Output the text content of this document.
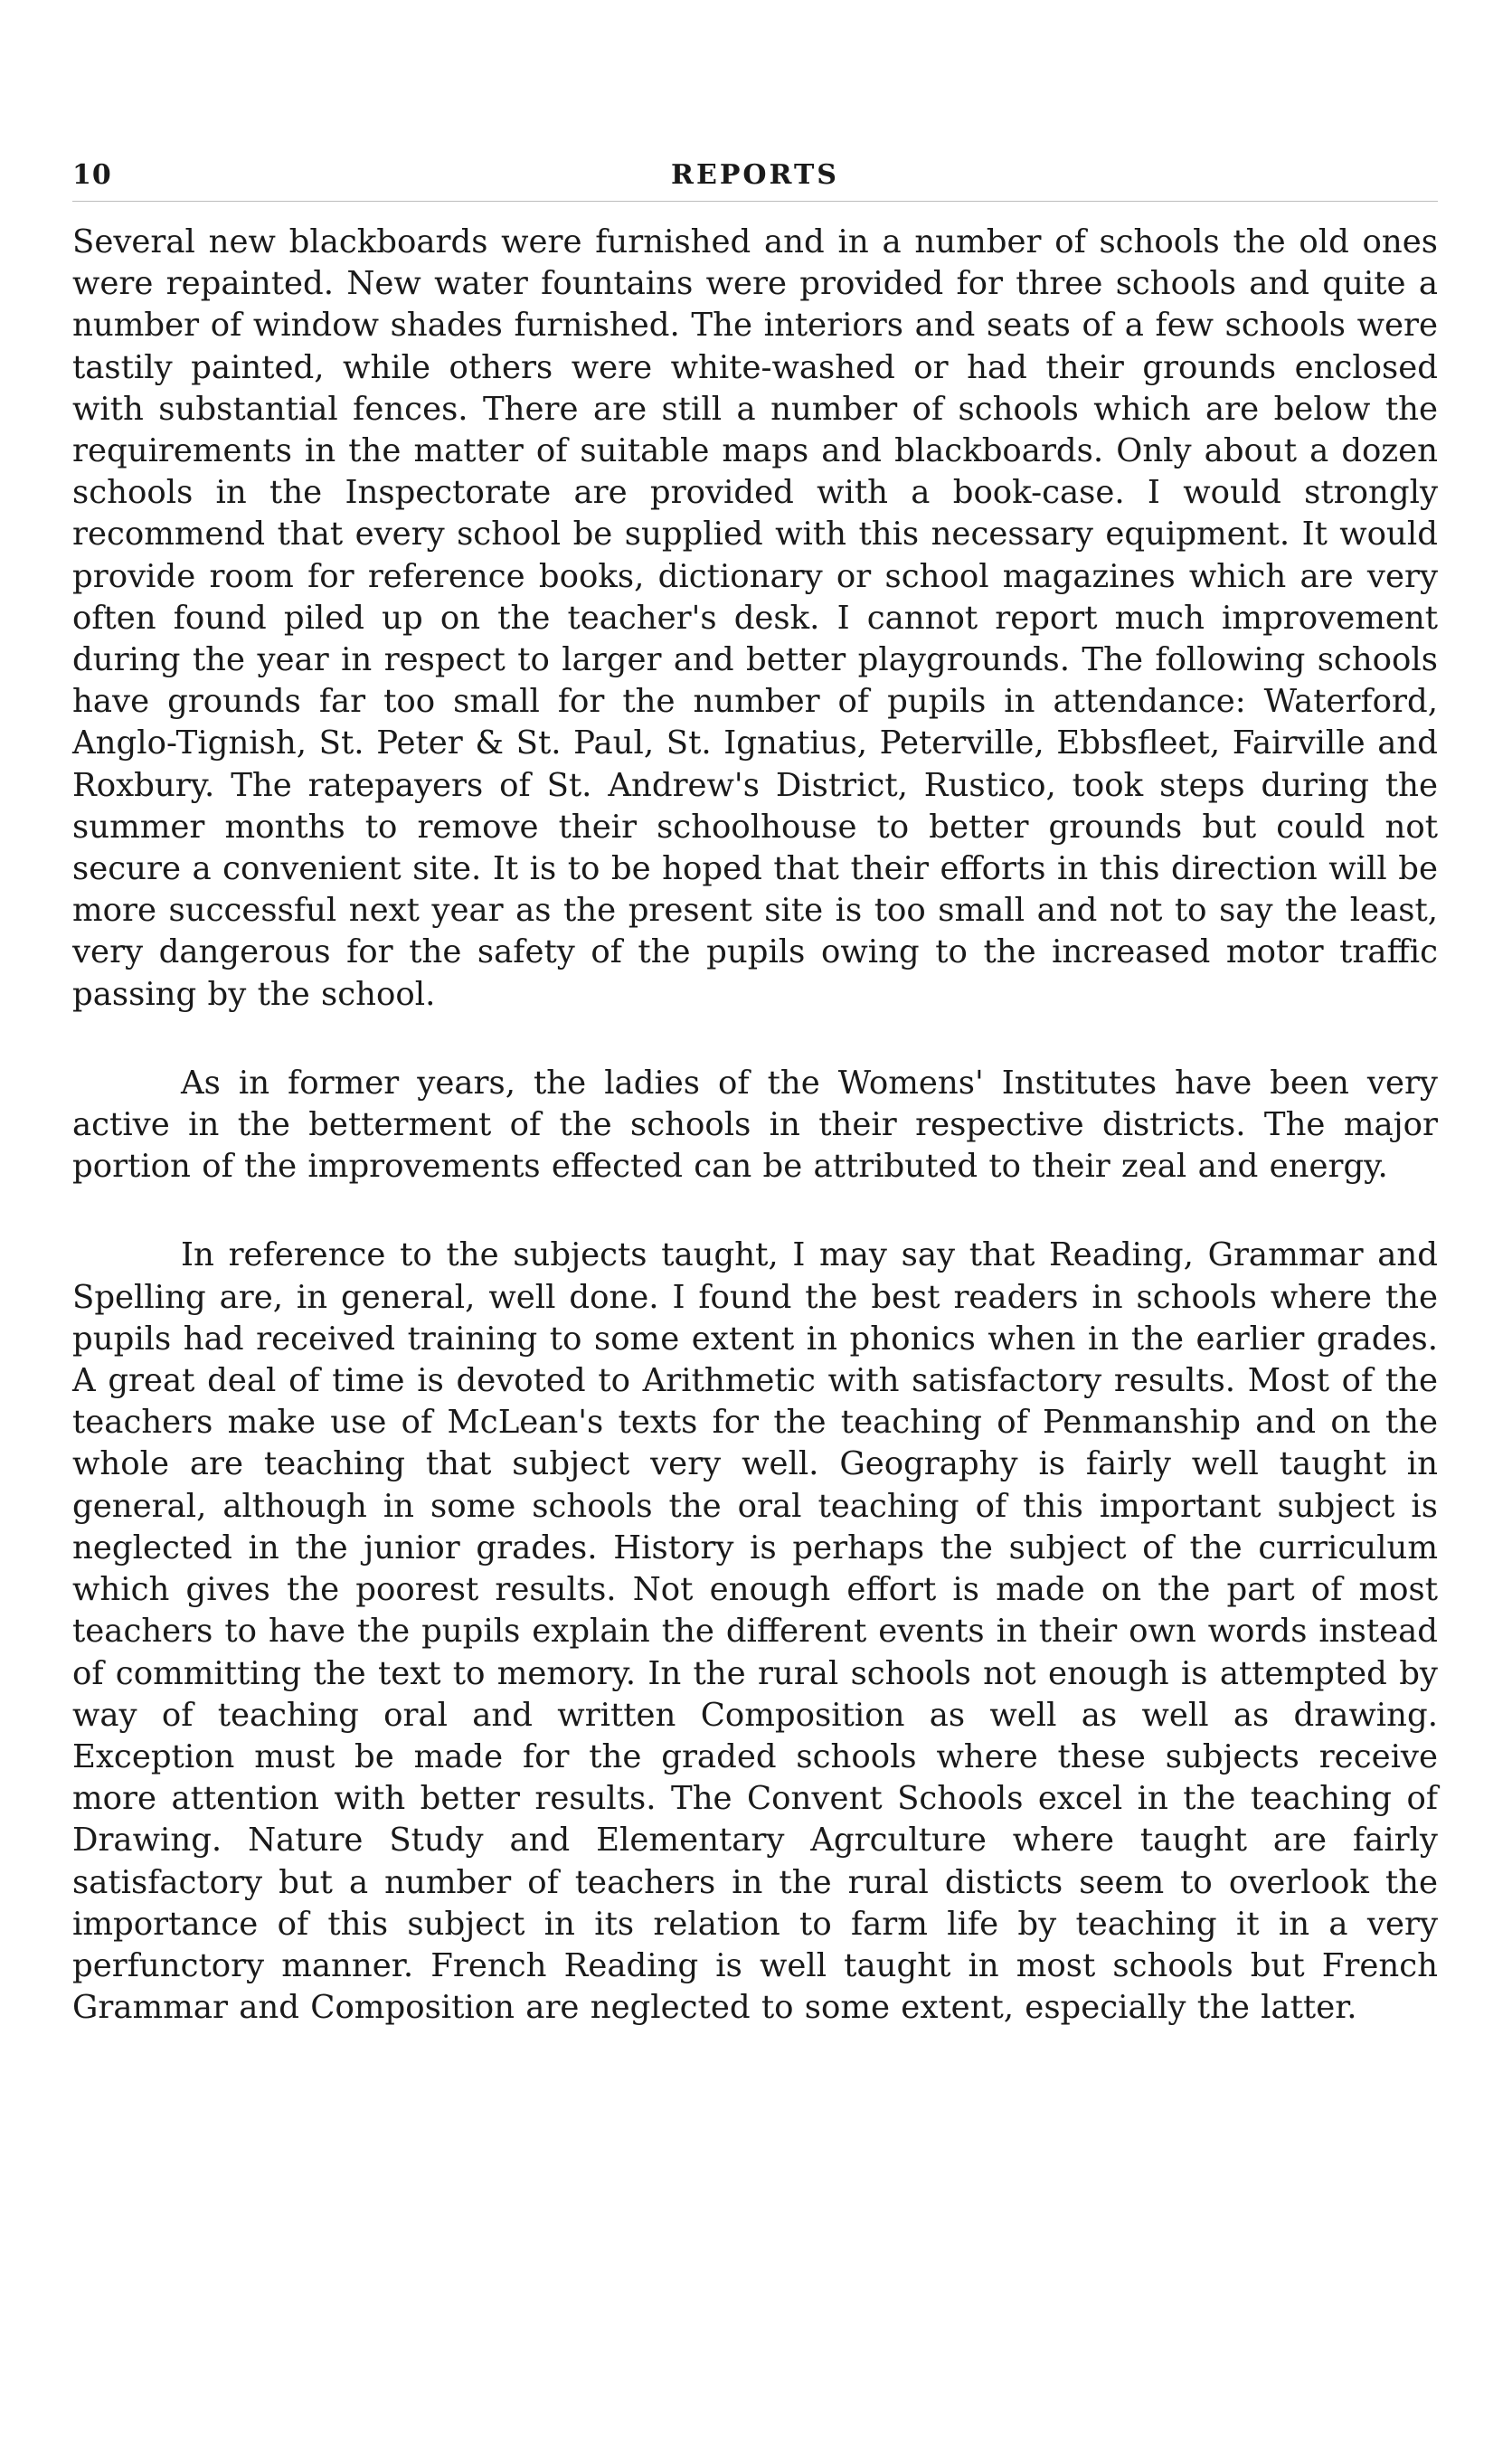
10	REPORTS

Several new blackboards were furnished and in a number of schools the old ones were repainted. New water fountains were provided for three schools and quite a number of window shades furnished. The interiors and seats of a few schools were tastily painted, while others were white-washed or had their grounds enclosed with substantial fences. There are still a number of schools which are below the requirements in the matter of suitable maps and blackboards. Only about a dozen schools in the Inspectorate are provided with a book-case. I would strongly recommend that every school be supplied with this necessary equipment. It would provide room for reference books, dictionary or school magazines which are very often found piled up on the teacher's desk. I cannot report much improvement during the year in respect to larger and better playgrounds. The following schools have grounds far too small for the number of pupils in attendance: Waterford, Anglo-Tignish, St. Peter & St. Paul, St. Ignatius, Peterville, Ebbsfleet, Fairville and Roxbury. The ratepayers of St. Andrew's District, Rustico, took steps during the summer months to remove their schoolhouse to better grounds but could not secure a convenient site. It is to be hoped that their efforts in this direction will be more successful next year as the present site is too small and not to say the least, very dangerous for the safety of the pupils owing to the increased motor traffic passing by the school.

As in former years, the ladies of the Womens' Institutes have been very active in the betterment of the schools in their respective districts. The major portion of the improvements effected can be attributed to their zeal and energy.

In reference to the subjects taught, I may say that Reading, Grammar and Spelling are, in general, well done. I found the best readers in schools where the pupils had received training to some extent in phonics when in the earlier grades. A great deal of time is devoted to Arithmetic with satisfactory results. Most of the teachers make use of McLean's texts for the teaching of Penmanship and on the whole are teaching that subject very well. Geography is fairly well taught in general, although in some schools the oral teaching of this important subject is neglected in the junior grades. History is perhaps the subject of the curriculum which gives the poorest results. Not enough effort is made on the part of most teachers to have the pupils explain the different events in their own words instead of committing the text to memory. In the rural schools not enough is attempted by way of teaching oral and written Composition as well as well as drawing. Exception must be made for the graded schools where these subjects receive more attention with better results. The Convent Schools excel in the teaching of Drawing. Nature Study and Elementary Agrculture where taught are fairly satisfactory but a number of teachers in the rural disticts seem to overlook the importance of this subject in its relation to farm life by teaching it in a very perfunctory manner. French Reading is well taught in most schools but French Grammar and Composition are neglected to some extent, especially the latter.
